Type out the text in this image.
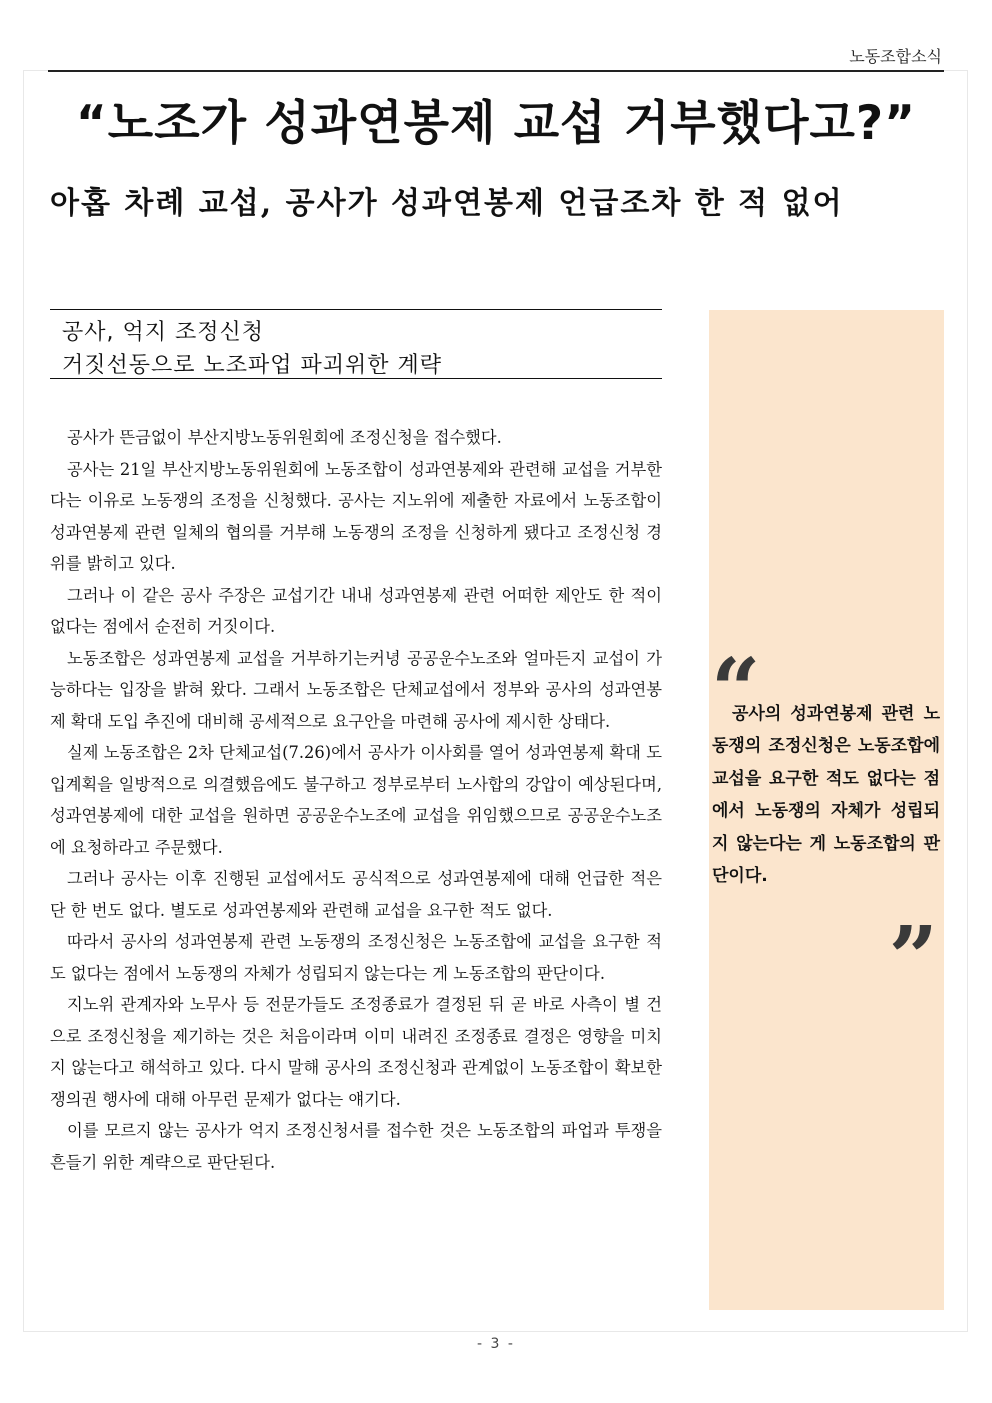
노동조합소식
“노조가 성과연봉제 교섭 거부했다고?”
아홉 차례 교섭, 공사가 성과연봉제 언급조차 한 적 없어
공사, 억지 조정신청
거짓선동으로 노조파업 파괴위한 계략

공사가 뜬금없이 부산지방노동위원회에 조정신청을 접수했다.

공사는 21일 부산지방노동위원회에 노동조합이 성과연봉제와 관련해 교섭을 거부한다는 이유로 노동쟁의 조정을 신청했다. 공사는 지노위에 제출한 자료에서 노동조합이 성과연봉제 관련 일체의 협의를 거부해 노동쟁의 조정을 신청하게 됐다고 조정신청 경위를 밝히고 있다.

그러나 이 같은 공사 주장은 교섭기간 내내 성과연봉제 관련 어떠한 제안도 한 적이 없다는 점에서 순전히 거짓이다.

노동조합은 성과연봉제 교섭을 거부하기는커녕 공공운수노조와 얼마든지 교섭이 가능하다는 입장을 밝혀 왔다. 그래서 노동조합은 단체교섭에서 정부와 공사의 성과연봉제 확대 도입 추진에 대비해 공세적으로 요구안을 마련해 공사에 제시한 상태다.

실제 노동조합은 2차 단체교섭(7.26)에서 공사가 이사회를 열어 성과연봉제 확대 도입계획을 일방적으로 의결했음에도 불구하고 정부로부터 노사합의 강압이 예상된다며, 성과연봉제에 대한 교섭을 원하면 공공운수노조에 교섭을 위임했으므로 공공운수노조에 요청하라고 주문했다.

그러나 공사는 이후 진행된 교섭에서도 공식적으로 성과연봉제에 대해 언급한 적은 단 한 번도 없다. 별도로 성과연봉제와 관련해 교섭을 요구한 적도 없다.

따라서 공사의 성과연봉제 관련 노동쟁의 조정신청은 노동조합에 교섭을 요구한 적도 없다는 점에서 노동쟁의 자체가 성립되지 않는다는 게 노동조합의 판단이다.

지노위 관계자와 노무사 등 전문가들도 조정종료가 결정된 뒤 곧 바로 사측이 별 건으로 조정신청을 제기하는 것은 처음이라며 이미 내려진 조정종료 결정은 영향을 미치지 않는다고 해석하고 있다. 다시 말해 공사의 조정신청과 관계없이 노동조합이 확보한 쟁의권 행사에 대해 아무런 문제가 없다는 얘기다.

이를 모르지 않는 공사가 억지 조정신청서를 접수한 것은 노동조합의 파업과 투쟁을 흔들기 위한 계략으로 판단된다.

“

공사의 성과연봉제 관련 노동쟁의 조정신청은 노동조합에 교섭을 요구한 적도 없다는 점에서 노동쟁의 자체가 성립되지 않는다는 게 노동조합의 판단이다.

”
- 3 -
